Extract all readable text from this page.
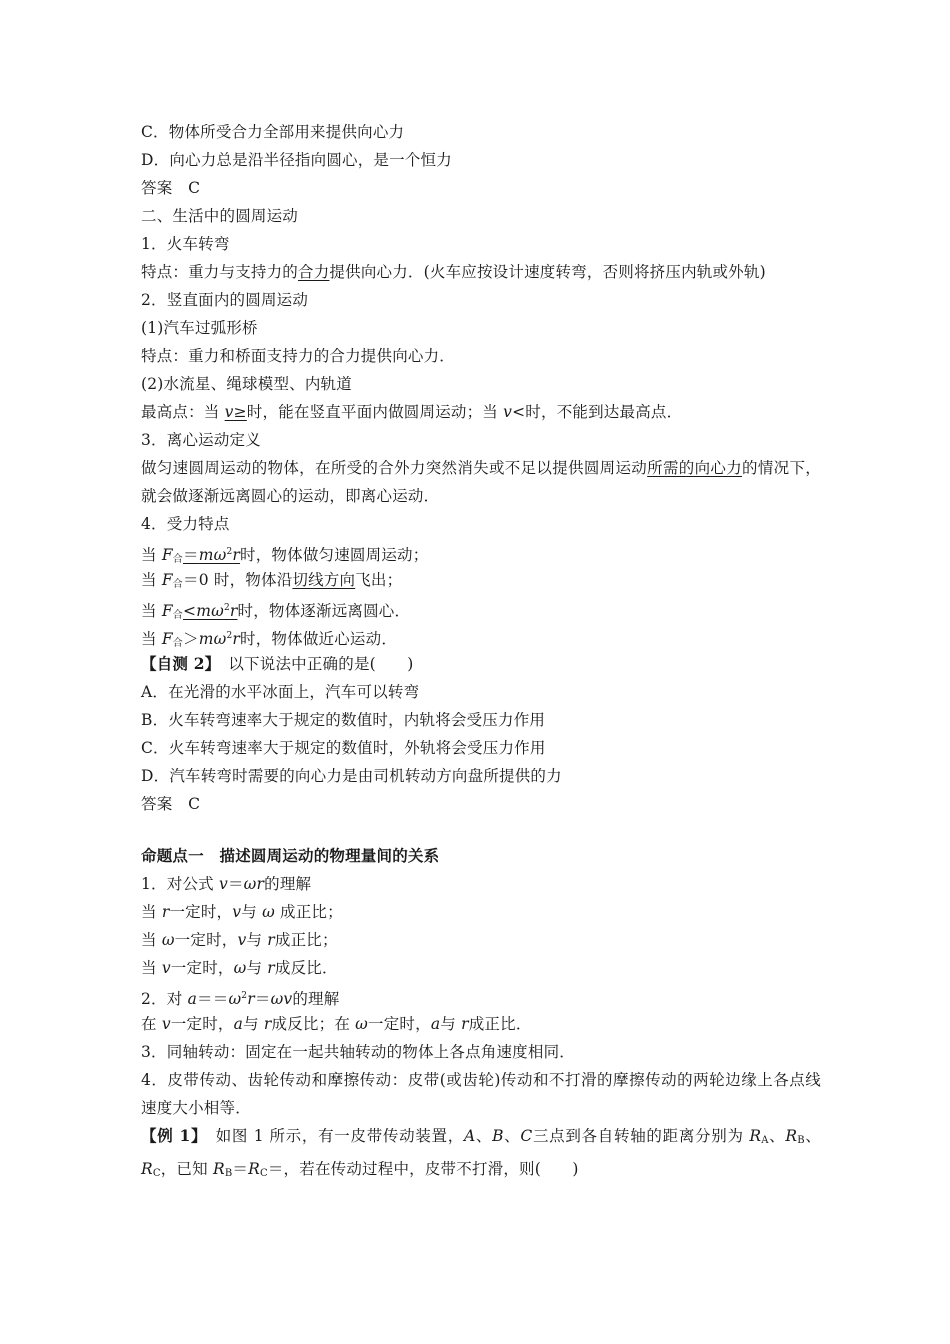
C．物体所受合力全部用来提供向心力
D．向心力总是沿半径指向圆心，是一个恒力
答案　C
二、生活中的圆周运动
1．火车转弯
特点：重力与支持力的合力提供向心力．(火车应按设计速度转弯，否则将挤压内轨或外轨)
2．竖直面内的圆周运动
(1)汽车过弧形桥
特点：重力和桥面支持力的合力提供向心力．
(2)水流星、绳球模型、内轨道
最高点：当 v≥时，能在竖直平面内做圆周运动；当 v<时，不能到达最高点．
3．离心运动定义
做匀速圆周运动的物体，在所受的合外力突然消失或不足以提供圆周运动所需的向心力的情况下，就会做逐渐远离圆心的运动，即离心运动．
4．受力特点
当 $F_合=m\omega^2r$时，物体做匀速圆周运动；
当 $F_合=0$ 时，物体沿切线方向飞出；
当 $F_合<m\omega^2r$时，物体逐渐远离圆心．
当 $F_合>m\omega^2r$时，物体做近心运动．
【自测 2】　以下说法中正确的是(　　)
A．在光滑的水平冰面上，汽车可以转弯
B．火车转弯速率大于规定的数值时，内轨将会受压力作用
C．火车转弯速率大于规定的数值时，外轨将会受压力作用
D．汽车转弯时需要的向心力是由司机转动方向盘所提供的力
答案　C
命题点一　描述圆周运动的物理量间的关系
1．对公式 v＝ωr的理解
当 r一定时，v与 ω 成正比；
当 ω一定时，v与 r成正比；
当 v一定时，ω与 r成反比．
2．对 $a==\omega^2r=\omega v$的理解
在 v一定时，a与 r成反比；在 ω一定时，a与 r成正比．
3．同轴转动：固定在一起共轴转动的物体上各点角速度相同．
4．皮带传动、齿轮传动和摩擦传动：皮带(或齿轮)传动和不打滑的摩擦传动的两轮边缘上各点线速度大小相等．
【例 1】　如图 1 所示，有一皮带传动装置，A、B、C三点到各自转轴的距离分别为 $R_A$、$R_B$、$R_C$，已知 $R_B=R_C=$，若在传动过程中，皮带不打滑，则(　　)
